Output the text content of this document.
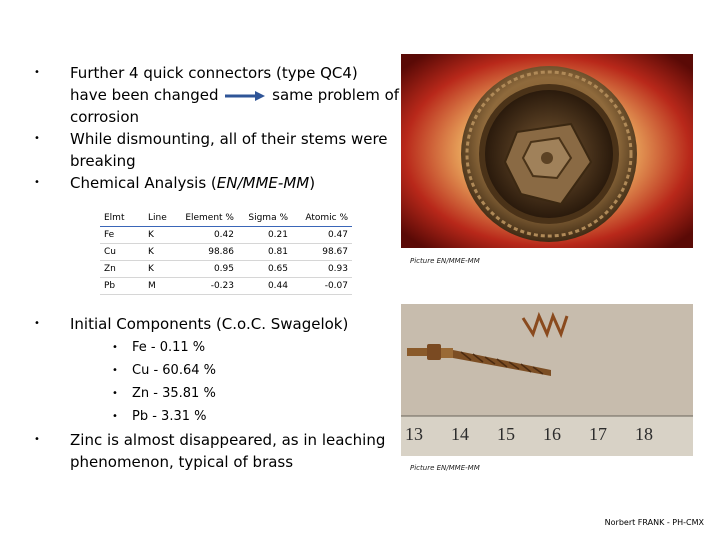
• Further 4 quick connectors (type QC4)
have been changed	same problem of
corrosion
• While dismounting, all of their stems were
breaking
• Chemical Analysis (EN/MME-MM)
Elmt	Line	Element %	Sigma %	Atomic %
Fe	K	0.42	0.21	0.47
Cu	K	98.86	0.81	98.67
Zn	K	0.95	0.65	0.93
Pb	M	-0.23	0.44	-0.07
• Initial Components (C.o.C. Swagelok)
• Fe - 0.11 %
• Cu - 60.64 %
• Zn - 35.81 %
• Pb - 3.31 %
• Zinc is almost disappeared, as in leaching
phenomenon, typical of brass
Picture EN/MME-MM
13 14 15 16 17 18
Picture EN/MME-MM
Norbert FRANK - PH-CMX
